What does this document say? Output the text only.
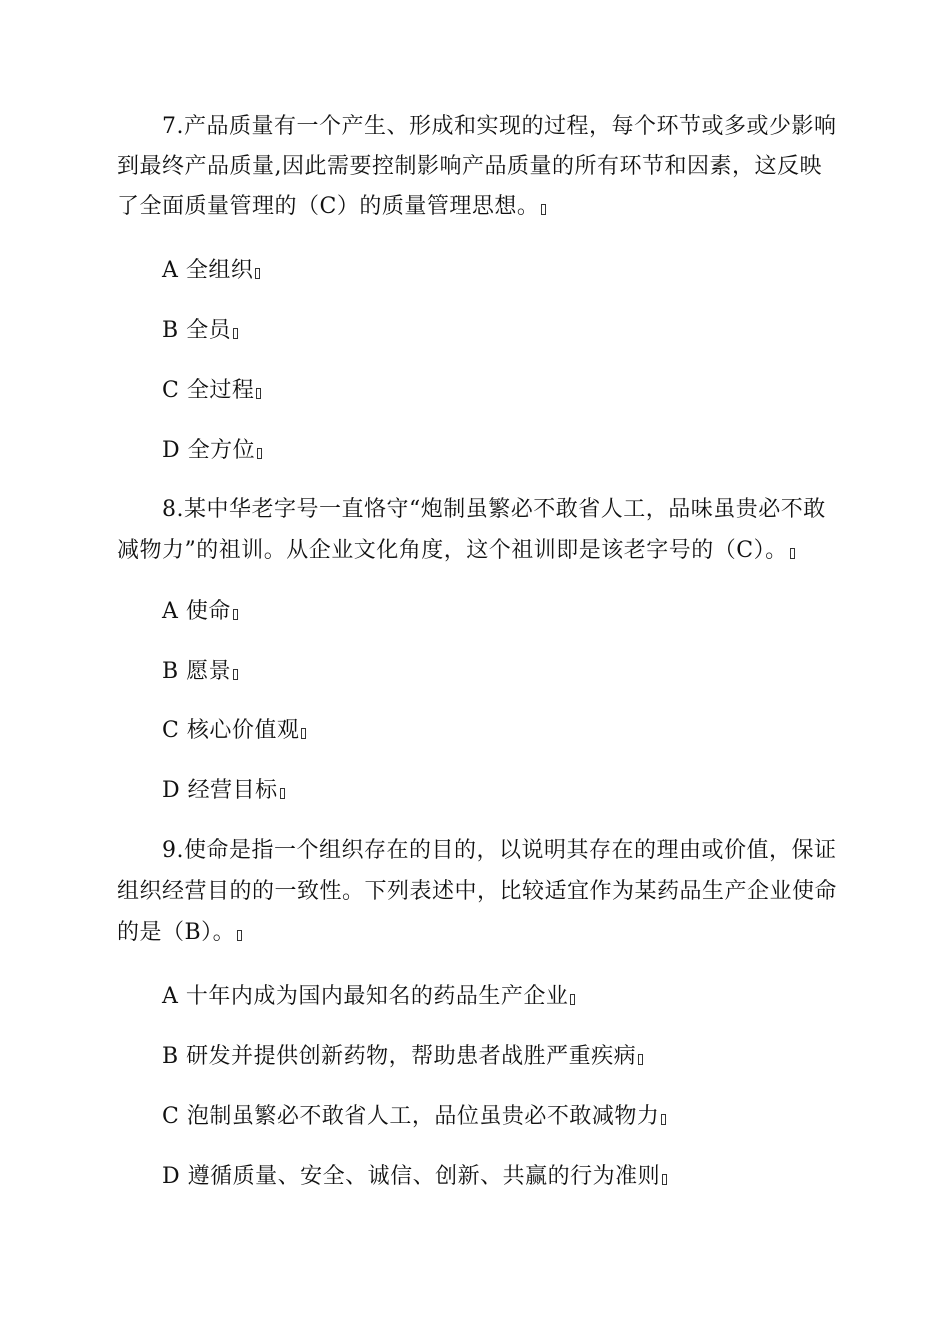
7.产品质量有一个产生、形成和实现的过程，每个环节或多或少影响
到最终产品质量,因此需要控制影响产品质量的所有环节和因素，这反映
了全面质量管理的（C）的质量管理思想。
A 全组织
B 全员
C 全过程
D 全方位
8.某中华老字号一直恪守“炮制虽繁必不敢省人工，品味虽贵必不敢
减物力”的祖训。从企业文化角度，这个祖训即是该老字号的（C）。
A 使命
B 愿景
C 核心价值观
D 经营目标
9.使命是指一个组织存在的目的，以说明其存在的理由或价值，保证
组织经营目的的一致性。下列表述中，比较适宜作为某药品生产企业使命
的是（B）。
A 十年内成为国内最知名的药品生产企业
B 研发并提供创新药物，帮助患者战胜严重疾病
C 泡制虽繁必不敢省人工，品位虽贵必不敢减物力
D 遵循质量、安全、诚信、创新、共赢的行为准则
